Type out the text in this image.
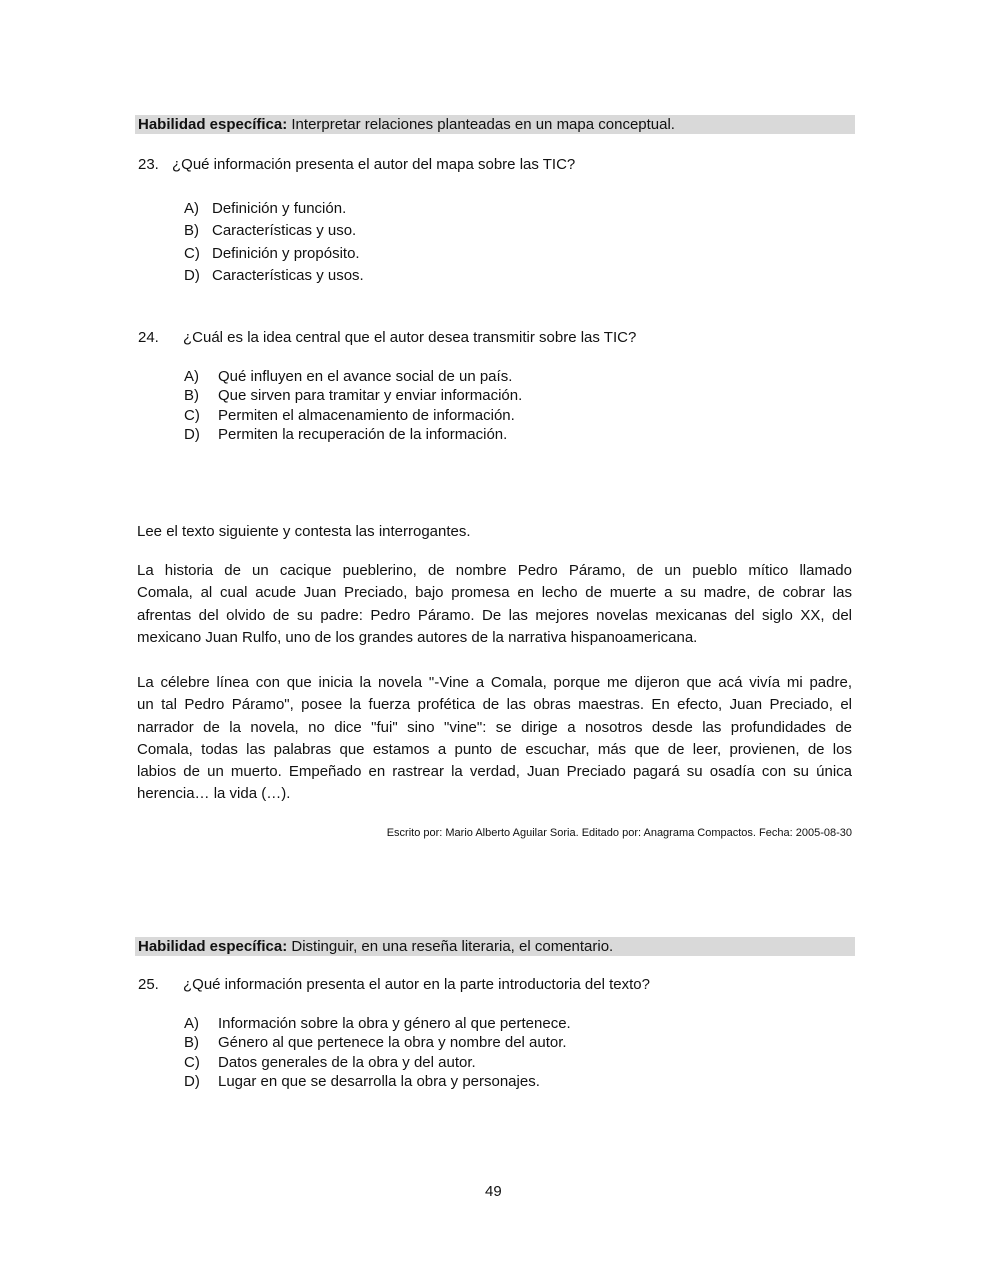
Habilidad específica: Interpretar relaciones planteadas en un mapa conceptual.
23. ¿Qué información presenta el autor del mapa sobre las TIC?
A) Definición y función.
B) Características y uso.
C) Definición y propósito.
D) Características y usos.
24. ¿Cuál es la idea central que el autor desea transmitir sobre las TIC?
A) Qué influyen en el avance social de un país.
B) Que sirven para tramitar y enviar información.
C) Permiten el almacenamiento de información.
D) Permiten la recuperación de la información.
Lee el texto siguiente y contesta las interrogantes.
La historia de un cacique pueblerino, de nombre Pedro Páramo, de un pueblo mítico llamado
Comala, al cual acude Juan Preciado, bajo promesa en lecho de muerte a su madre, de cobrar las
afrentas del olvido de su padre: Pedro Páramo. De las mejores novelas mexicanas del siglo XX, del
mexicano Juan Rulfo, uno de los grandes autores de la narrativa hispanoamericana.
La célebre línea con que inicia la novela "-Vine a Comala, porque me dijeron que acá vivía mi padre,
un tal Pedro Páramo", posee la fuerza profética de las obras maestras. En efecto, Juan Preciado, el
narrador de la novela, no dice "fui" sino "vine": se dirige a nosotros desde las profundidades de
Comala, todas las palabras que estamos a punto de escuchar, más que de leer, provienen, de los
labios de un muerto. Empeñado en rastrear la verdad, Juan Preciado pagará su osadía con su única
herencia… la vida (…).
Escrito por: Mario Alberto Aguilar Soria. Editado por: Anagrama Compactos. Fecha: 2005-08-30
Habilidad específica: Distinguir, en una reseña literaria, el comentario.
25. ¿Qué información presenta el autor en la parte introductoria del texto?
A) Información sobre la obra y género al que pertenece.
B) Género al que pertenece la obra y nombre del autor.
C) Datos generales de la obra y del autor.
D) Lugar en que se desarrolla la obra y personajes.
49
